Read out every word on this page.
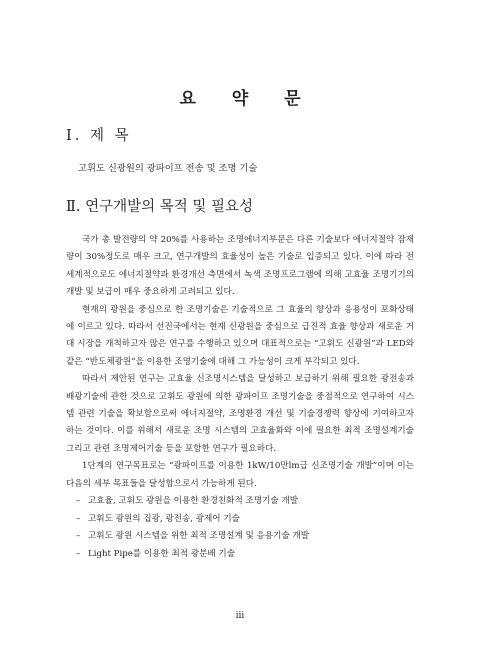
요 약 문
Ⅰ. 제 목
고휘도 신광원의 광파이프 전송 및 조명 기술
Ⅱ. 연구개발의 목적 및 필요성

국가 총 발전량의 약 20%를 사용하는 조명에너지부문은 다른 기술보다 에너지절약 잠재량이 30%정도로 매우 크고, 연구개발의 효율성이 높은 기술로 입증되고 있다. 이에 따라 전 세계적으로도 에너지절약과 환경개선 측면에서 녹색 조명프로그램에 의해 고효율 조명기기의 개발 및 보급이 매우 중요하게 고려되고 있다.

현재의 광원을 중심으로 한 조명기술은 기술적으로 그 효율의 향상과 응용성이 포화상태에 이르고 있다. 따라서 선진국에서는 현재 신광원을 중심으로 급진적 효율 향상과 새로운 거대 시장을 개척하고자 많은 연구를 수행하고 있으며 대표적으로는 “고휘도 신광원”과 LED와 같은 “반도체광원”을 이용한 조명기술에 대해 그 가능성이 크게 부각되고 있다.

따라서 제안된 연구는 고효율 신조명시스템을 달성하고 보급하기 위해 필요한 광전송과 배광기술에 관한 것으로 고휘도 광원에 의한 광파이프 조명기술을 중점적으로 연구하여 시스템 관련 기술을 확보함으로써 에너지절약, 조명환경 개선 및 기술경쟁력 향상에 기여하고자 하는 것이다. 이를 위해서 새로운 조명 시스템의 고효율화와 이에 필요한 최적 조명설계기술 그리고 관련 조명제어기술 등을 포함한 연구가 필요하다.

1단계의 연구목표로는 “광파이프를 이용한 1kW/10만lm급 신조명기술 개발”이며 이는 다음의 세부 목표들을 달성함으로서 가능하게 된다.

– 고효율, 고휘도 광원을 이용한 환경친화적 조명기술 개발
– 고휘도 광원의 집광, 광전송, 광제어 기술
– 고휘도 광원 시스템을 위한 최적 조명설계 및 응용기술 개발
– Light Pipe를 이용한 최적 광분배 기술
iii
